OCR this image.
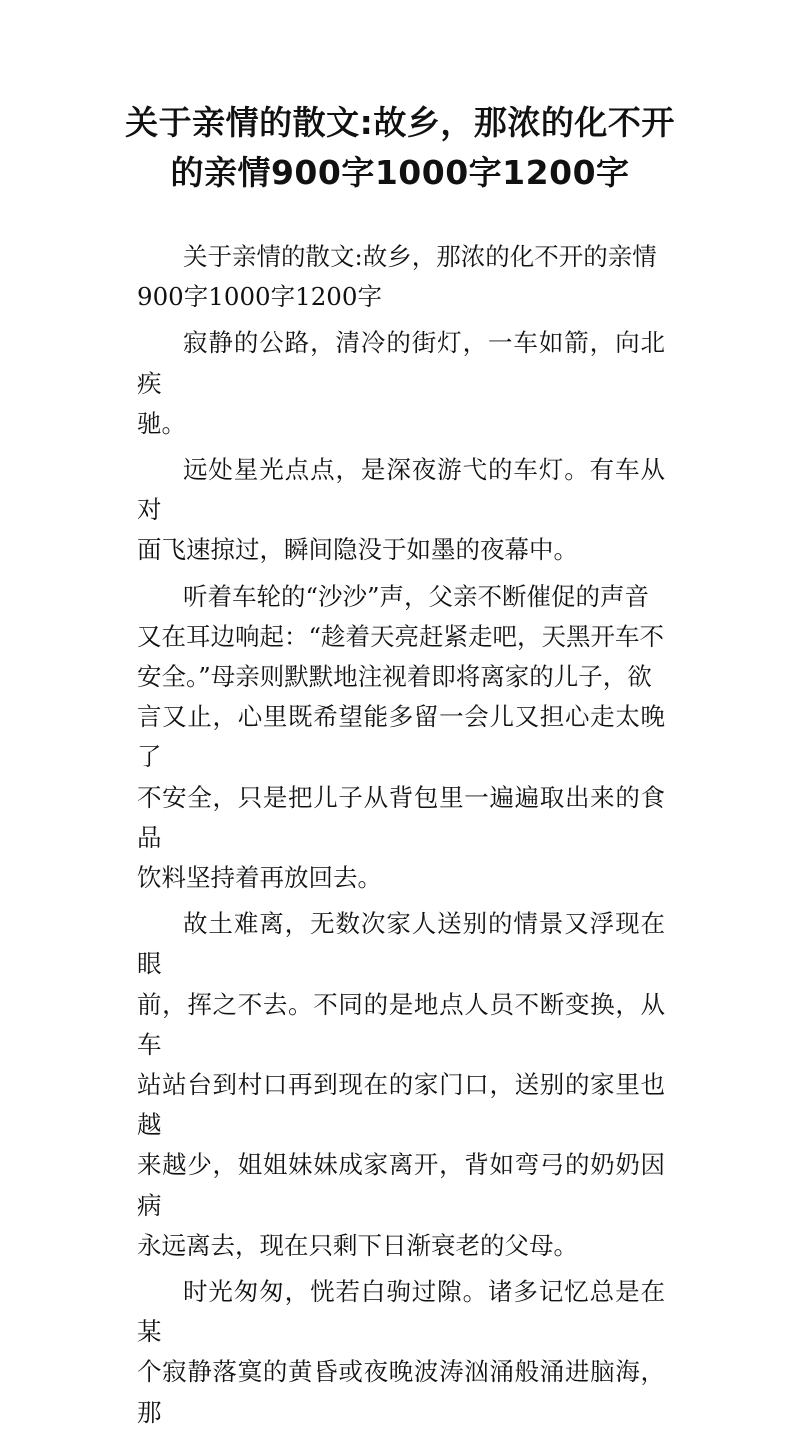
关于亲情的散文:故乡，那浓的化不开
的亲情900字1000字1200字

关于亲情的散文:故乡，那浓的化不开的亲情
900字1000字1200字

寂静的公路，清冷的街灯，一车如箭，向北疾
驰。

远处星光点点，是深夜游弋的车灯。有车从对
面飞速掠过，瞬间隐没于如墨的夜幕中。

听着车轮的“沙沙”声，父亲不断催促的声音
又在耳边响起：“趁着天亮赶紧走吧，天黑开车不
安全。”母亲则默默地注视着即将离家的儿子，欲
言又止，心里既希望能多留一会儿又担心走太晚了
不安全，只是把儿子从背包里一遍遍取出来的食品
饮料坚持着再放回去。

故土难离，无数次家人送别的情景又浮现在眼
前，挥之不去。不同的是地点人员不断变换，从车
站站台到村口再到现在的家门口，送别的家里也越
来越少，姐姐妹妹成家离开，背如弯弓的奶奶因病
永远离去，现在只剩下日渐衰老的父母。

时光匆匆，恍若白驹过隙。诸多记忆总是在某
个寂静落寞的黄昏或夜晚波涛汹涌般涌进脑海，那
